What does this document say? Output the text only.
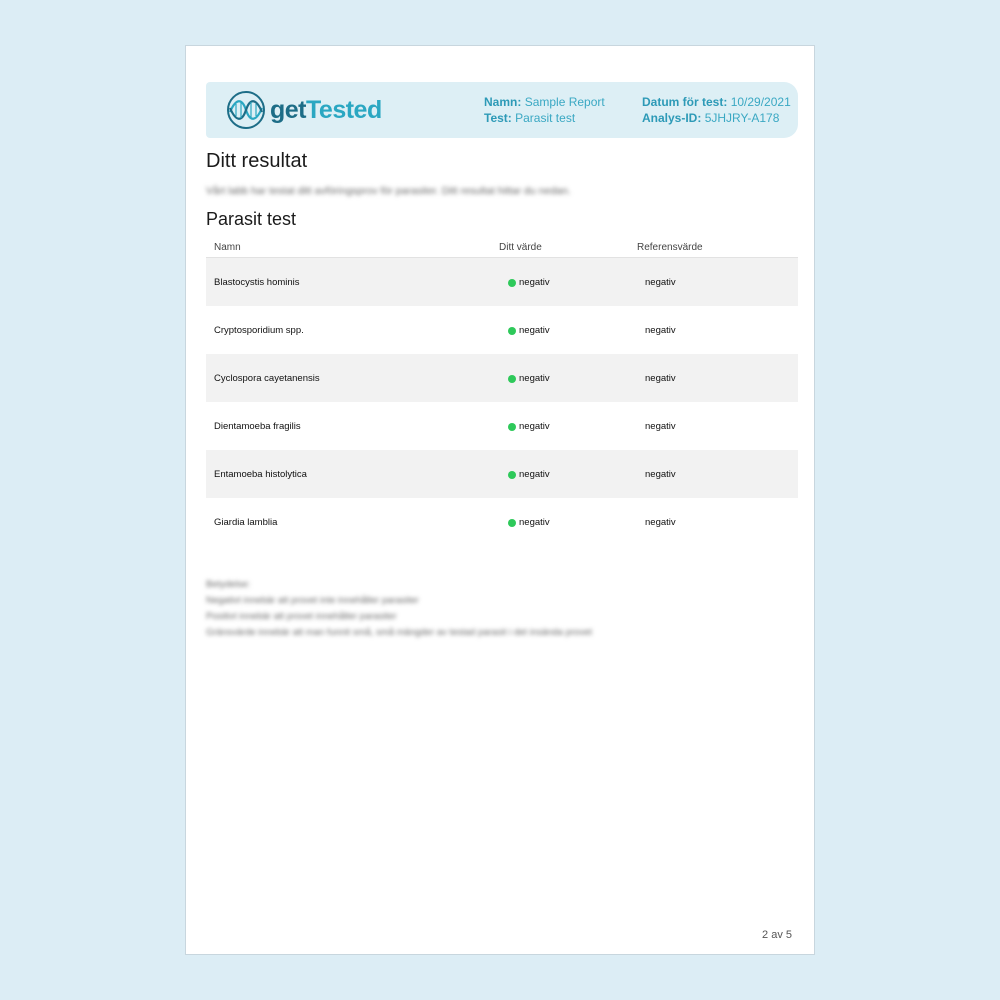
getTested	Namn: Sample Report
Test: Parasit test
Datum för test: 10/29/2021
Analys-ID: 5JHJRY-A178
Ditt resultat
Vårt labb har testat ditt avföringsprov för parasiter. Ditt resultat hittar du nedan.
Parasit test
Namn	Ditt värde	Referensvärde
Blastocystis hominis	negativ	negativ
Cryptosporidium spp.	negativ	negativ
Cyclospora cayetanensis	negativ	negativ
Dientamoeba fragilis	negativ	negativ
Entamoeba histolytica	negativ	negativ
Giardia lamblia	negativ	negativ
Betydelse:
Negativt innebär att provet inte innehåller parasiter
Positivt innebär att provet innehåller parasiter
Gränsvärde innebär att man funnit små, små mängder av testad parasit i det insända provet
2 av 5
